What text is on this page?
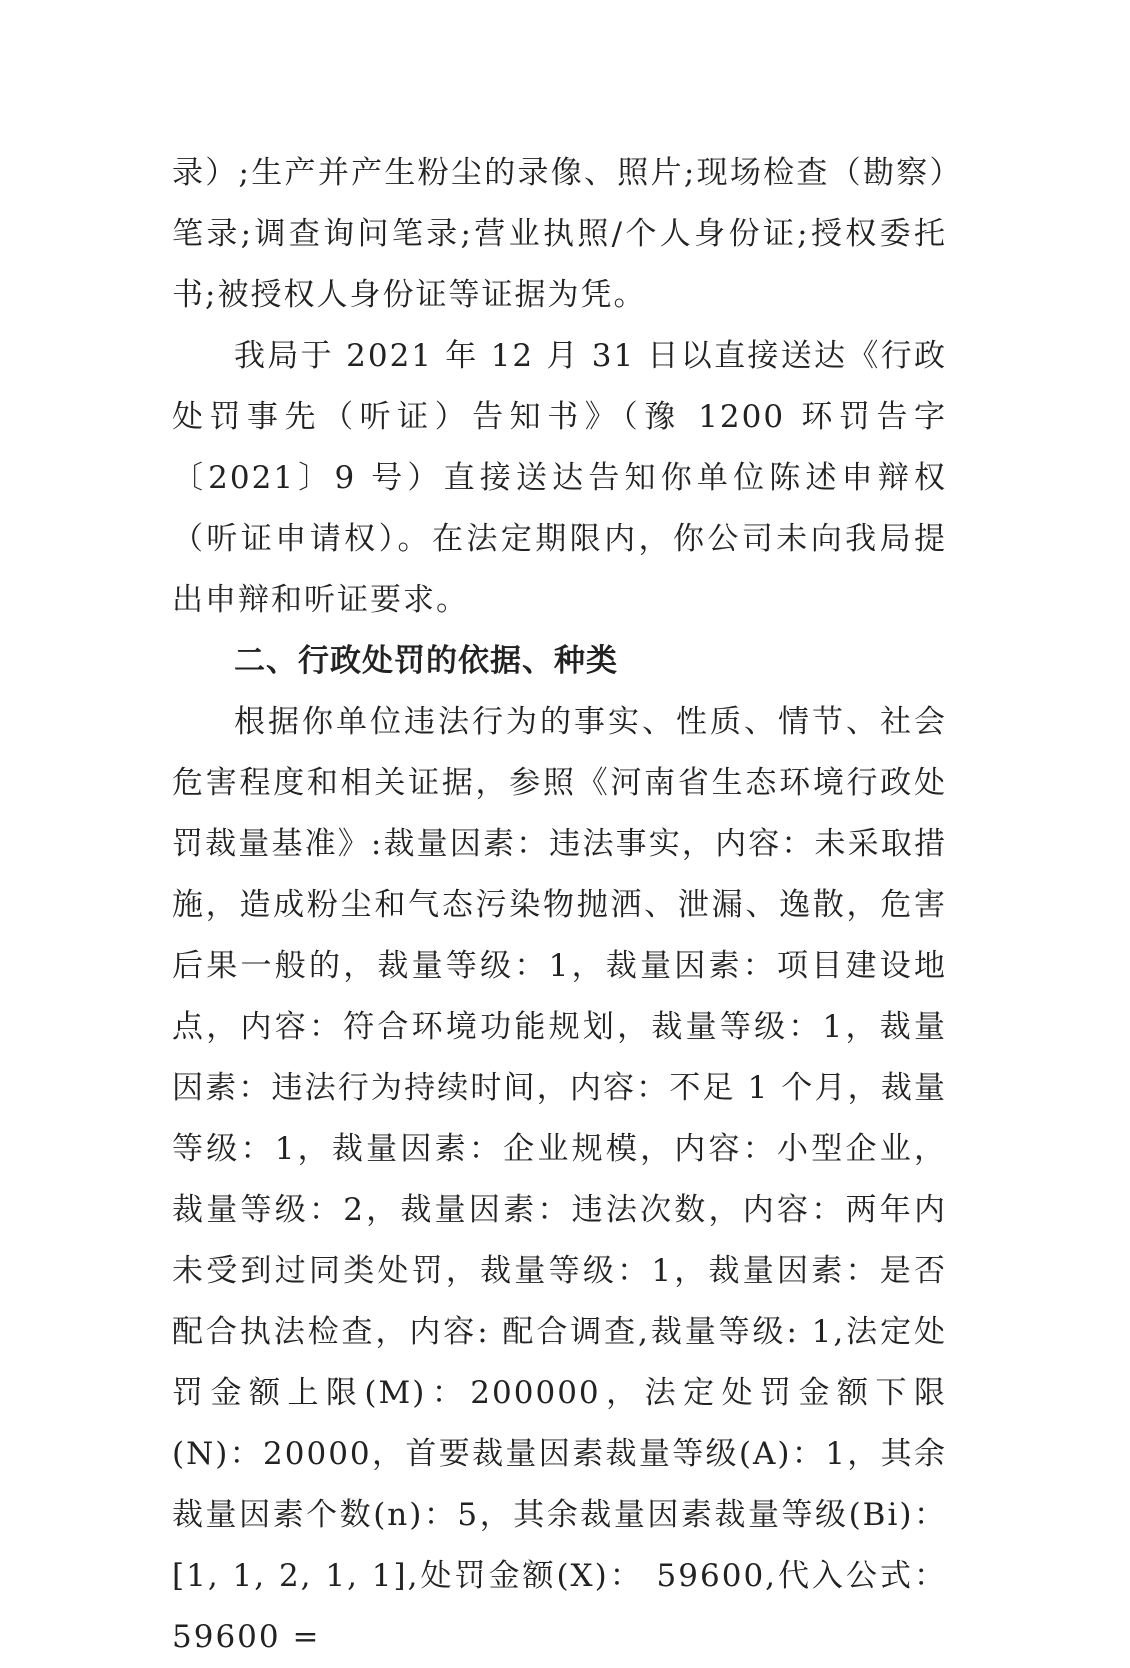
录）;生产并产生粉尘的录像、照片;现场检查（勘察）笔录;调查询问笔录;营业执照/个人身份证;授权委托书;被授权人身份证等证据为凭。

我局于 2021 年 12 月 31 日以直接送达《行政处罚事先（听证）告知书》（豫 1200 环罚告字〔2021〕9 号）直接送达告知你单位陈述申辩权（听证申请权）。在法定期限内，你公司未向我局提出申辩和听证要求。

二、行政处罚的依据、种类

根据你单位违法行为的事实、性质、情节、社会危害程度和相关证据，参照《河南省生态环境行政处罚裁量基准》:裁量因素：违法事实，内容：未采取措施，造成粉尘和气态污染物抛洒、泄漏、逸散，危害后果一般的，裁量等级：1，裁量因素：项目建设地点，内容：符合环境功能规划，裁量等级：1，裁量因素：违法行为持续时间，内容：不足 1 个月，裁量等级：1，裁量因素：企业规模，内容：小型企业，裁量等级：2，裁量因素：违法次数，内容：两年内未受到过同类处罚，裁量等级：1，裁量因素：是否配合执法检查，内容: 配合调查,裁量等级: 1,法定处罚金额上限(M)：200000，法定处罚金额下限(N)：20000，首要裁量因素裁量等级(A)：1，其余裁量因素个数(n)：5，其余裁量因素裁量等级(Bi)：[1, 1, 2, 1, 1],处罚金额(X)： 59600,代入公式： 59600 =
